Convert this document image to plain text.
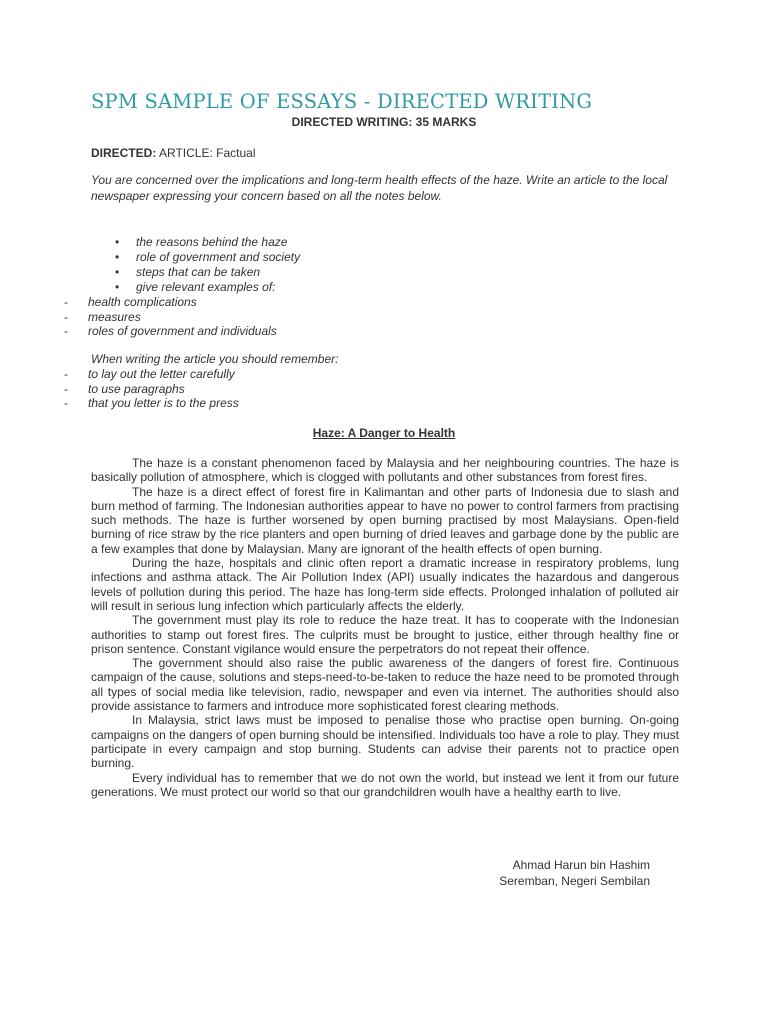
SPM SAMPLE OF ESSAYS - DIRECTED WRITING
DIRECTED WRITING: 35 MARKS
DIRECTED: ARTICLE: Factual
You are concerned over the implications and long-term health effects of the haze. Write an article to the local newspaper expressing your concern based on all the notes below.
• the reasons behind the haze
• role of government and society
• steps that can be taken
• give relevant examples of:
- health complications
- measures
- roles of government and individuals
When writing the article you should remember:
- to lay out the letter carefully
- to use paragraphs
- that you letter is to the press
Haze: A Danger to Health

The haze is a constant phenomenon faced by Malaysia and her neighbouring countries. The haze is basically pollution of atmosphere, which is clogged with pollutants and other substances from forest fires.

The haze is a direct effect of forest fire in Kalimantan and other parts of Indonesia due to slash and burn method of farming. The Indonesian authorities appear to have no power to control farmers from practising such methods. The haze is further worsened by open burning practised by most Malaysians. Open-field burning of rice straw by the rice planters and open burning of dried leaves and garbage done by the public are a few examples that done by Malaysian. Many are ignorant of the health effects of open burning.

During the haze, hospitals and clinic often report a dramatic increase in respiratory problems, lung infections and asthma attack. The Air Pollution Index (API) usually indicates the hazardous and dangerous levels of pollution during this period. The haze has long-term side effects. Prolonged inhalation of polluted air will result in serious lung infection which particularly affects the elderly.

The government must play its role to reduce the haze treat. It has to cooperate with the Indonesian authorities to stamp out forest fires. The culprits must be brought to justice, either through healthy fine or prison sentence. Constant vigilance would ensure the perpetrators do not repeat their offence.

The government should also raise the public awareness of the dangers of forest fire. Continuous campaign of the cause, solutions and steps-need-to-be-taken to reduce the haze need to be promoted through all types of social media like television, radio, newspaper and even via internet. The authorities should also provide assistance to farmers and introduce more sophisticated forest clearing methods.

In Malaysia, strict laws must be imposed to penalise those who practise open burning. On-going campaigns on the dangers of open burning should be intensified. Individuals too have a role to play. They must participate in every campaign and stop burning. Students can advise their parents not to practice open burning.

Every individual has to remember that we do not own the world, but instead we lent it from our future generations. We must protect our world so that our grandchildren woulh have a healthy earth to live.

Ahmad Harun bin Hashim
Seremban, Negeri Sembilan
